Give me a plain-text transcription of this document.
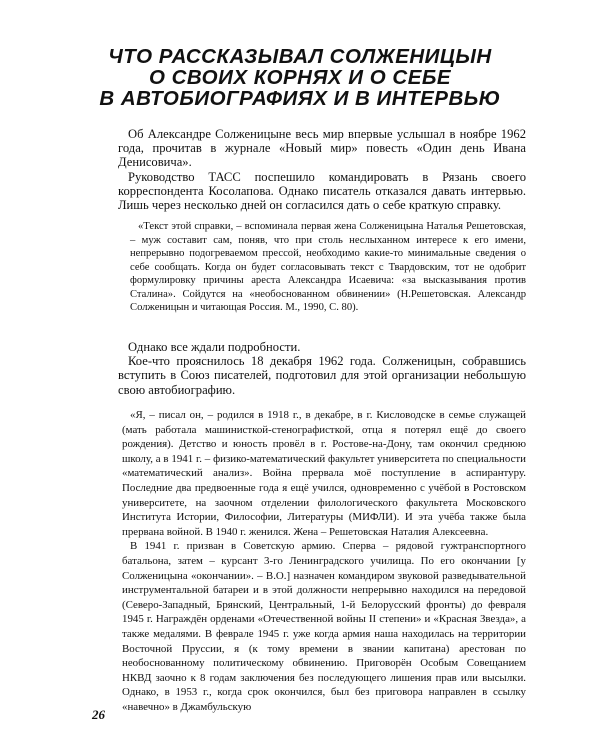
ЧТО РАССКАЗЫВАЛ СОЛЖЕНИЦЫН
О СВОИХ КОРНЯХ И О СЕБЕ
В АВТОБИОГРАФИЯХ И В ИНТЕРВЬЮ

Об Александре Солженицыне весь мир впервые услышал в ноябре 1962 года, прочитав в журнале «Новый мир» повесть «Один день Ивана Денисовича».

Руководство ТАСС поспешило командировать в Рязань своего корреспондента Косолапова. Однако писатель отказался давать интервью. Лишь через несколько дней он согласился дать о себе краткую справку.

«Текст этой справки, – вспоминала первая жена Солженицына Наталья Решетовская, – муж составит сам, поняв, что при столь неслыханном интересе к его имени, непрерывно подогреваемом прессой, необходимо какие-то минимальные сведения о себе сообщать. Когда он будет согласовывать текст с Твардовским, тот не одобрит формулировку причины ареста Александра Исаевича: «за высказывания против Сталина». Сойдутся на «необоснованном обвинении» (Н.Решетовская. Александр Солженицын и читающая Россия. М., 1990, С. 80).

Однако все ждали подробности.

Кое-что прояснилось 18 декабря 1962 года. Солженицын, собравшись вступить в Союз писателей, подготовил для этой организации небольшую свою автобиографию.

«Я, – писал он, – родился в 1918 г., в декабре, в г. Кисловодске в семье служащей (мать работала машинисткой-стенографисткой, отца я потерял ещё до своего рождения). Детство и юность провёл в г. Ростове-на-Дону, там окончил среднюю школу, а в 1941 г. – физико-математический факультет университета по специальности «математический анализ». Война прервала моё поступление в аспирантуру. Последние два предвоенные года я ещё учился, одновременно с учёбой в Ростовском университете, на заочном отделении филологического факультета Московского Института Истории, Философии, Литературы (МИФЛИ). И эта учёба также была прервана войной. В 1940 г. женился. Жена – Решетовская Наталия Алексеевна.

В 1941 г. призван в Советскую армию. Сперва – рядовой гужтранспортного батальона, затем – курсант 3-го Ленинградского училища. По его окончании [у Солженицына «окончании». – В.О.] назначен командиром звуковой разведывательной инструментальной батареи и в этой должности непрерывно находился на передовой (Северо-Западный, Брянский, Центральный, 1-й Белорусский фронты) до февраля 1945 г. Награждён орденами «Отечественной войны II степени» и «Красная Звезда», а также медалями. В феврале 1945 г. уже когда армия наша находилась на территории Восточной Пруссии, я (к тому времени в звании капитана) арестован по необоснованному политическому обвинению. Приговорён Особым Совещанием НКВД заочно к 8 годам заключения без последующего лишения прав или высылки. Однако, в 1953 г., когда срок окончился, был без приговора направлен в ссылку «навечно» в Джамбульскую

26
